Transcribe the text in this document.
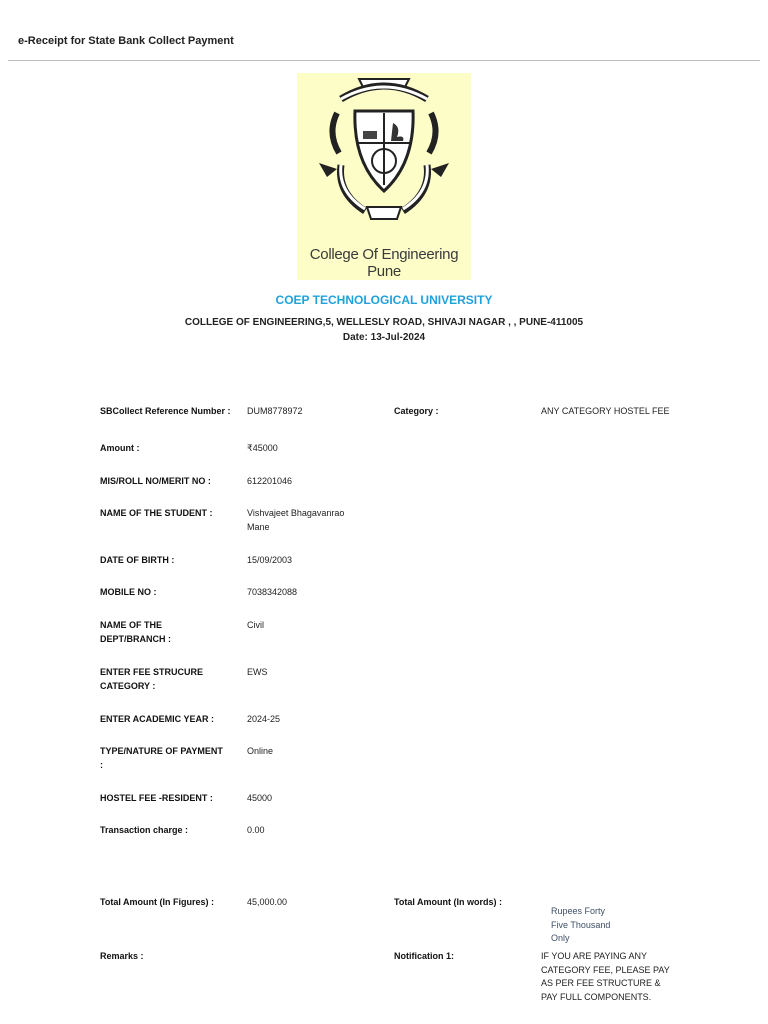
e-Receipt for State Bank Collect Payment
College Of Engineering
Pune
COEP TECHNOLOGICAL UNIVERSITY
COLLEGE OF ENGINEERING,5, WELLESLY ROAD, SHIVAJI NAGAR , , PUNE-411005
Date: 13-Jul-2024
SBCollect Reference Number : DUM8778972	Category :	ANY CATEGORY HOSTEL FEE
Amount :	₹45000
MIS/ROLL NO/MERIT NO :	612201046
NAME OF THE STUDENT :	Vishvajeet Bhagavanrao Mane
DATE OF BIRTH :	15/09/2003
MOBILE NO :	7038342088
NAME OF THE DEPT/BRANCH :
Civil
ENTER FEE STRUCURE CATEGORY :
EWS
ENTER ACADEMIC YEAR :	2024-25
TYPE/NATURE OF PAYMENT :
Online
HOSTEL FEE -RESIDENT :	45000
Transaction charge :	0.00
Total Amount (In Figures) :	45,000.00	Total Amount (In words) :
Rupees Forty Five Thousand Only
Remarks :	Notification 1:	IF YOU ARE PAYING ANY CATEGORY FEE, PLEASE PAY AS PER FEE STRUCTURE & PAY FULL COMPONENTS.
